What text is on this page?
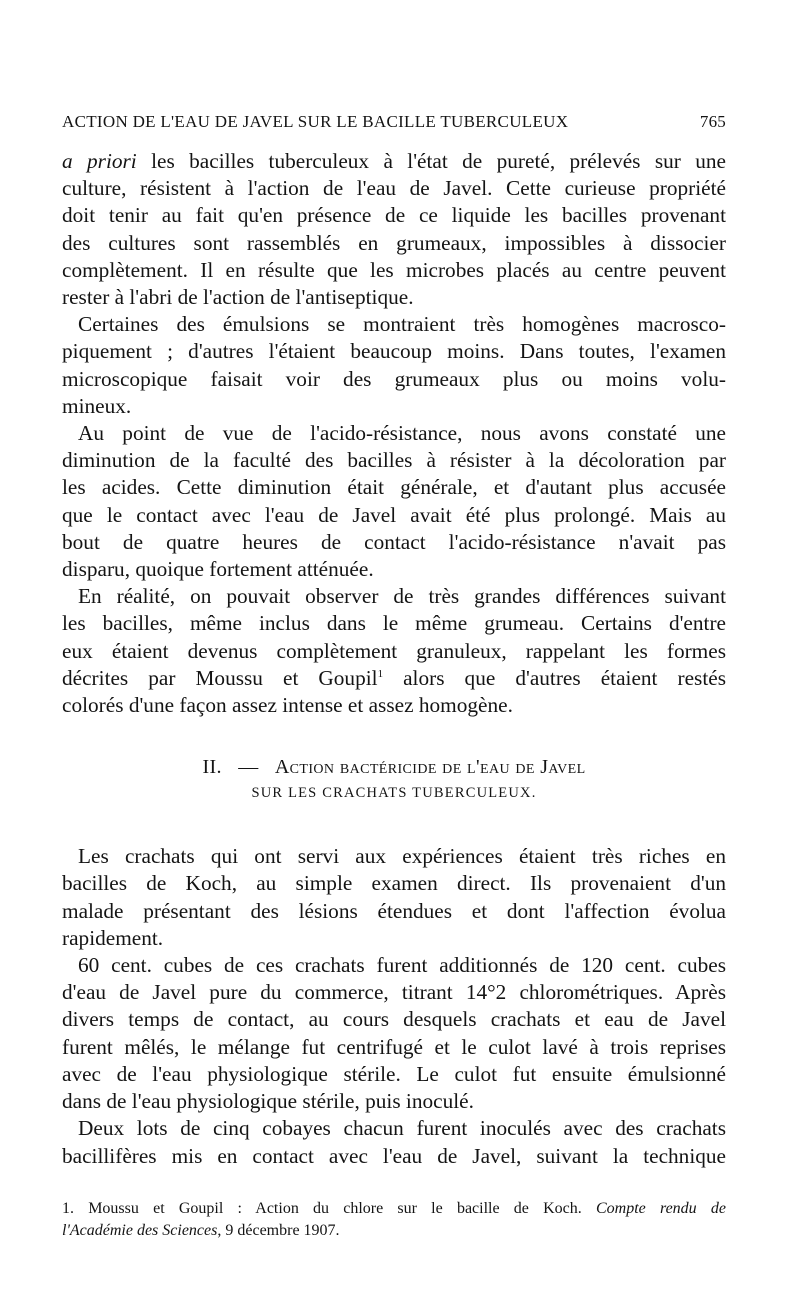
ACTION DE L'EAU DE JAVEL SUR LE BACILLE TUBERCULEUX	765
a priori les bacilles tuberculeux à l'état de pureté, prélevés sur une
culture, résistent à l'action de l'eau de Javel. Cette curieuse propriété
doit tenir au fait qu'en présence de ce liquide les bacilles provenant
des cultures sont rassemblés en grumeaux, impossibles à dissocier
complètement. Il en résulte que les microbes placés au centre peuvent
rester à l'abri de l'action de l'antiseptique.
Certaines des émulsions se montraient très homogènes macrosco-
piquement ; d'autres l'étaient beaucoup moins. Dans toutes, l'examen
microscopique faisait voir des grumeaux plus ou moins volu-
mineux.
Au point de vue de l'acido-résistance, nous avons constaté une
diminution de la faculté des bacilles à résister à la décoloration par
les acides. Cette diminution était générale, et d'autant plus accusée
que le contact avec l'eau de Javel avait été plus prolongé. Mais au
bout de quatre heures de contact l'acido-résistance n'avait pas
disparu, quoique fortement atténuée.
En réalité, on pouvait observer de très grandes différences suivant
les bacilles, même inclus dans le même grumeau. Certains d'entre
eux étaient devenus complètement granuleux, rappelant les formes
décrites par Moussu et Goupil$^1$ alors que d'autres étaient restés
colorés d'une façon assez intense et assez homogène.
II. — Action bactéricide de l'eau de Javel
SUR LES CRACHATS TUBERCULEUX.
Les crachats qui ont servi aux expériences étaient très riches en
bacilles de Koch, au simple examen direct. Ils provenaient d'un
malade présentant des lésions étendues et dont l'affection évolua
rapidement.
60 cent. cubes de ces crachats furent additionnés de 120 cent. cubes
d'eau de Javel pure du commerce, titrant 14°2 chlorométriques. Après
divers temps de contact, au cours desquels crachats et eau de Javel
furent mêlés, le mélange fut centrifugé et le culot lavé à trois reprises
avec de l'eau physiologique stérile. Le culot fut ensuite émulsionné
dans de l'eau physiologique stérile, puis inoculé.
Deux lots de cinq cobayes chacun furent inoculés avec des crachats
bacillifères mis en contact avec l'eau de Javel, suivant la technique
1. Moussu et Goupil : Action du chlore sur le bacille de Koch. Compte rendu de
l'Académie des Sciences, 9 décembre 1907.
